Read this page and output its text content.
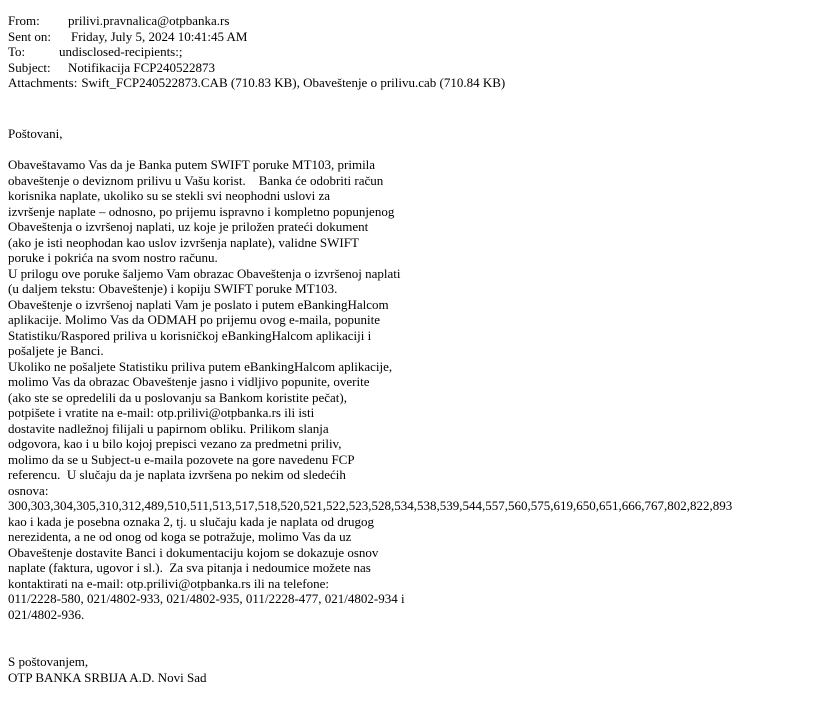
From: prilivi.pravnalica@otpbanka.rs
Sent on: Friday, July 5, 2024 10:41:45 AM
To:	undisclosed-recipients:;
Subject: Notifikacija FCP240522873
Attachments: Swift_FCP240522873.CAB (710.83 KB), Obaveštenje o prilivu.cab (710.84 KB)
Poštovani,
Obaveštavamo Vas da je Banka putem SWIFT poruke MT103, primila
obaveštenje o deviznom prilivu u Vašu korist.    Banka će odobriti račun
korisnika naplate, ukoliko su se stekli svi neophodni uslovi za
izvršenje naplate – odnosno, po prijemu ispravno i kompletno popunjenog
Obaveštenja o izvršenoj naplati, uz koje je priložen prateći dokument
(ako je isti neophodan kao uslov izvršenja naplate), validne SWIFT
poruke i pokrića na svom nostro računu.
U prilogu ove poruke šaljemo Vam obrazac Obaveštenja o izvršenoj naplati
(u daljem tekstu: Obaveštenje) i kopiju SWIFT poruke MT103.
Obaveštenje o izvršenoj naplati Vam je poslato i putem eBankingHalcom
aplikacije. Molimo Vas da ODMAH po prijemu ovog e-maila, popunite
Statistiku/Raspored priliva u korisničkoj eBankingHalcom aplikaciji i
pošaljete je Banci.
Ukoliko ne pošaljete Statistiku priliva putem eBankingHalcom aplikacije,
molimo Vas da obrazac Obaveštenje jasno i vidljivo popunite, overite
(ako ste se opredelili da u poslovanju sa Bankom koristite pečat),
potpišete i vratite na e-mail: otp.prilivi@otpbanka.rs ili isti
dostavite nadležnoj filijali u papirnom obliku. Prilikom slanja
odgovora, kao i u bilo kojoj prepisci vezano za predmetni priliv,
molimo da se u Subject-u e-maila pozovete na gore navedenu FCP
referencu.  U slučaju da je naplata izvršena po nekim od sledećih
osnova:
300,303,304,305,310,312,489,510,511,513,517,518,520,521,522,523,528,534,538,539,544,557,560,575,619,650,651,666,767,802,822,893
kao i kada je posebna oznaka 2, tj. u slučaju kada je naplata od drugog
nerezidenta, a ne od onog od koga se potražuje, molimo Vas da uz
Obaveštenje dostavite Banci i dokumentaciju kojom se dokazuje osnov
naplate (faktura, ugovor i sl.).  Za sva pitanja i nedoumice možete nas
kontaktirati na e-mail: otp.prilivi@otpbanka.rs ili na telefone:
011/2228-580, 021/4802-933, 021/4802-935, 011/2228-477, 021/4802-934 i
021/4802-936.
S poštovanjem,
OTP BANKA SRBIJA A.D. Novi Sad
